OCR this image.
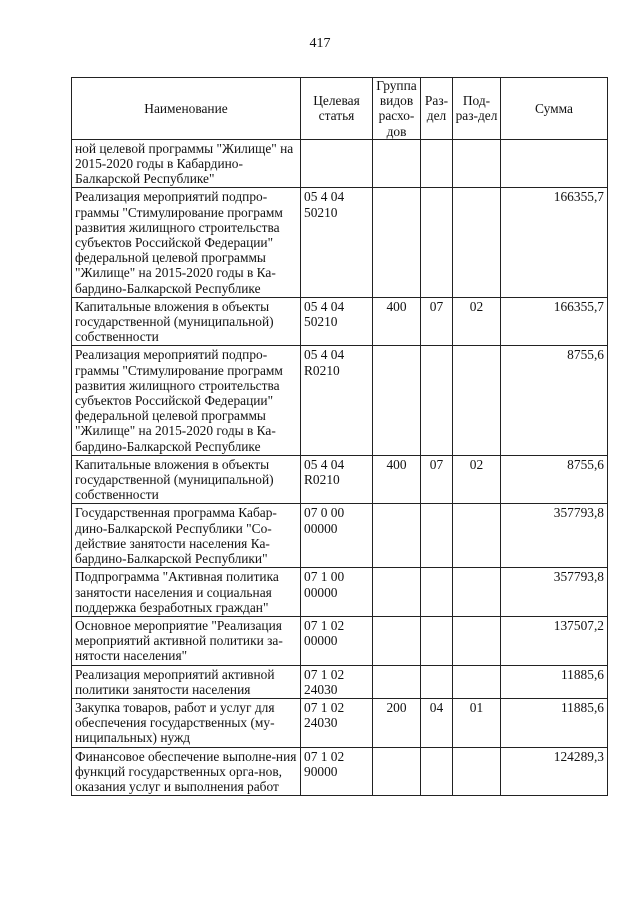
417
Наименование	Целевая статья	Группа видов расхо-дов	Раз-дел	Под-раз-дел	Сумма
ной целевой программы "Жилище" на 2015-2020 годы в Кабардино-Балкарской Республике"					
Реализация мероприятий подпро-граммы "Стимулирование программ развития жилищного строительства субъектов Российской Федерации" федеральной целевой программы "Жилище" на 2015-2020 годы в Ка-бардино-Балкарской Республике	05 4 04 50210				166355,7
Капитальные вложения в объекты государственной (муниципальной) собственности	05 4 04 50210	400	07	02	166355,7
Реализация мероприятий подпро-граммы "Стимулирование программ развития жилищного строительства субъектов Российской Федерации" федеральной целевой программы "Жилище" на 2015-2020 годы в Ка-бардино-Балкарской Республике	05 4 04 R0210				8755,6
Капитальные вложения в объекты государственной (муниципальной) собственности	05 4 04 R0210	400	07	02	8755,6
Государственная программа Кабар-дино-Балкарской Республики "Со-действие занятости населения Ка-бардино-Балкарской Республики"	07 0 00 00000				357793,8
Подпрограмма "Активная политика занятости населения и социальная поддержка безработных граждан"	07 1 00 00000				357793,8
Основное мероприятие "Реализация мероприятий активной политики за-нятости населения"	07 1 02 00000				137507,2
Реализация мероприятий активной политики занятости населения	07 1 02 24030				11885,6
Закупка товаров, работ и услуг для обеспечения государственных (му-ниципальных) нужд	07 1 02 24030	200	04	01	11885,6
Финансовое обеспечение выполне-ния функций государственных орга-нов, оказания услуг и выполнения работ	07 1 02 90000				124289,3
